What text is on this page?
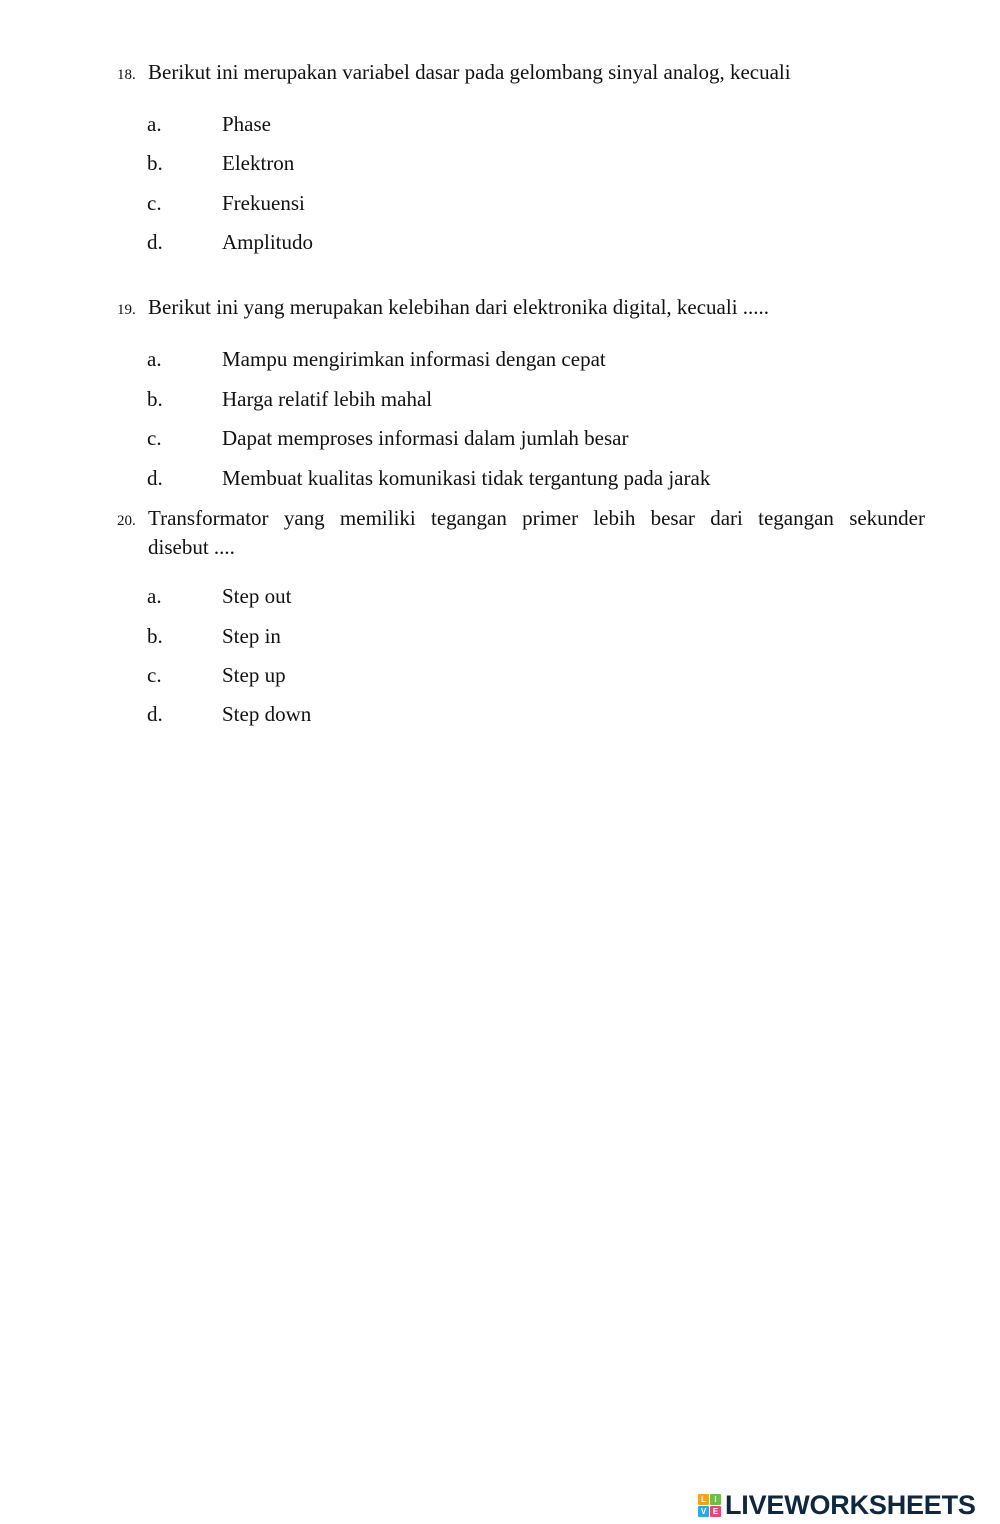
18. Berikut ini merupakan variabel dasar pada gelombang sinyal analog, kecuali
a.	Phase
b.	Elektron
c.	Frekuensi
d.	Amplitudo
19. Berikut ini yang merupakan kelebihan dari elektronika digital, kecuali .....
a.	Mampu mengirimkan informasi dengan cepat
b.	Harga relatif lebih mahal
c.	Dapat memproses informasi dalam jumlah besar
d.	Membuat kualitas komunikasi tidak tergantung pada jarak
20. Transformator yang memiliki tegangan primer lebih besar dari tegangan sekunder
disebut ....
a.	Step out
b.	Step in
c.	Step up
d.	Step down
L	I
V E LIVEWORKSHEETS
